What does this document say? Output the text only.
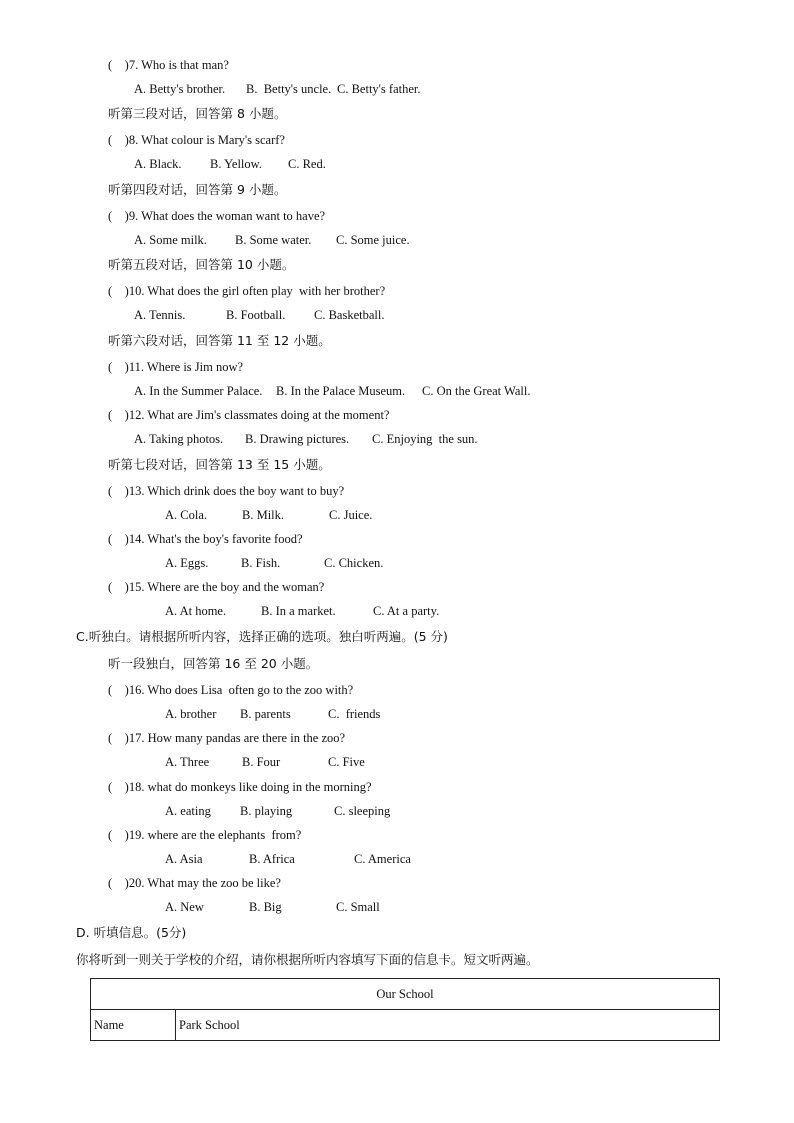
(    )7. Who is that man?
A. Betty's brother. B.  Betty's uncle. C. Betty's father.
听第三段对话，回答第 8 小题。
(    )8. What colour is Mary's scarf?
A. Black. B. Yellow. C. Red.
听第四段对话，回答第 9 小题。
(    )9. What does the woman want to have?
A. Some milk. B. Some water. C. Some juice.
听第五段对话，回答第 10 小题。
(    )10. What does the girl often play  with her brother?
A. Tennis.	B. Football. C. Basketball.
听第六段对话，回答第 11 至 12 小题。
(    )11. Where is Jim now?
A. In the Summer Palace. B. In the Palace Museum. C. On the Great Wall.
(    )12. What are Jim's classmates doing at the moment?
A. Taking photos. B. Drawing pictures. C. Enjoying  the sun.
听第七段对话，回答第 13 至 15 小题。
(    )13. Which drink does the boy want to buy?
A. Cola.	B. Milk.	C. Juice.
(    )14. What's the boy's favorite food?
A. Eggs.	B. Fish.	C. Chicken.
(    )15. Where are the boy and the woman?
A. At home.	B. In a market.	C. At a party.
C.听独白。请根据所听内容，选择正确的选项。独白听两遍。(5 分)
听一段独白，回答第 16 至 20 小题。
(    )16. Who does Lisa  often go to the zoo with?
A. brother B. parents	C.  friends
(    )17. How many pandas are there in the zoo?
A. Three	B. Four	C. Five
(    )18. what do monkeys like doing in the morning?
A. eating B. playing	C. sleeping
(    )19. where are the elephants  from?
A. Asia	B. Africa	C. America
(    )20. What may the zoo be like?
A. New	B. Big	C. Small
D. 听填信息。(5分)
你将听到一则关于学校的介绍，请你根据所听内容填写下面的信息卡。短文听两遍。
Our School
Name	Park School
